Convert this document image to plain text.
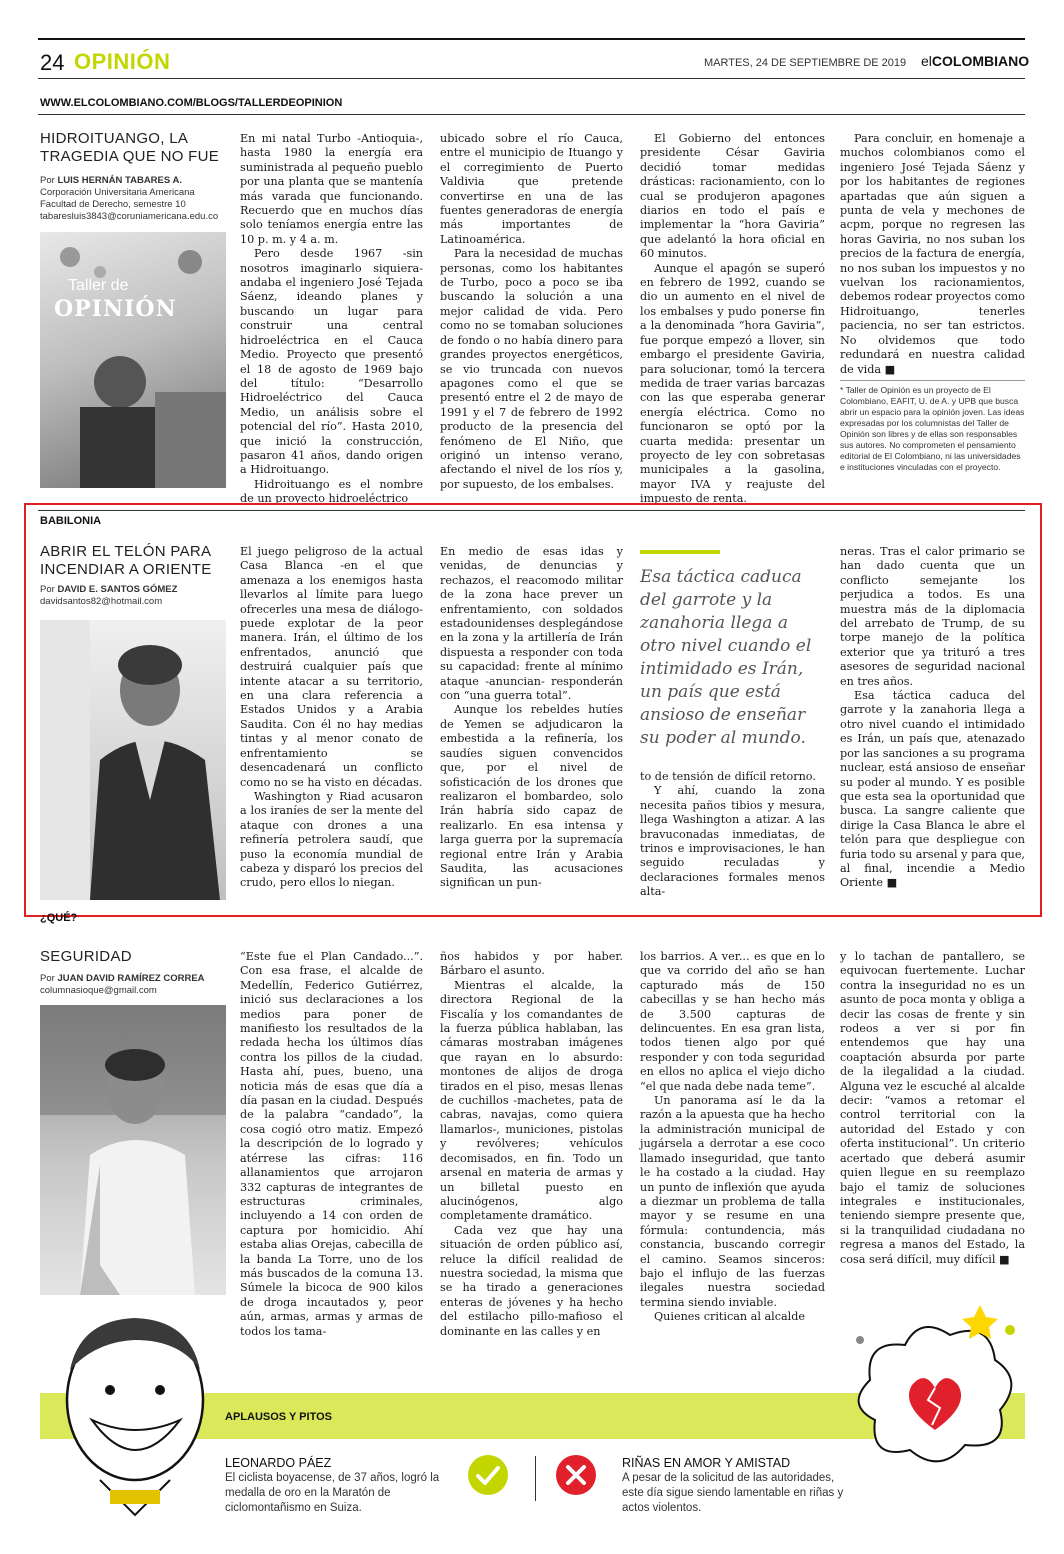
24 OPINIÓN	MARTES, 24 DE SEPTIEMBRE DE 2019 elCOLOMBIANO
WWW.ELCOLOMBIANO.COM/BLOGS/TALLERDEOPINION
HIDROITUANGO, LA TRAGEDIA QUE NO FUE
Por LUIS HERNÁN TABARES A.
Corporación Universitaria Americana
Facultad de Derecho, semestre 10
tabaresluis3843@coruniamericana.edu.co
Taller de
OPINIÓN

En mi natal Turbo -Antioquia-, hasta 1980 la energía era suministrada al pequeño pueblo por una planta que se mantenía más varada que funcionando. Recuerdo que en muchos días solo teníamos energía entre las 10 p. m. y 4 a. m.

Pero desde 1967 -sin nosotros imaginarlo siquiera- andaba el ingeniero José Tejada Sáenz, ideando planes y buscando un lugar para construir una central hidroeléctrica en el Cauca Medio. Proyecto que presentó el 18 de agosto de 1969 bajo del título: “Desarrollo Hidroeléctrico del Cauca Medio, un análisis sobre el potencial del río”. Hasta 2010, que inició la construcción, pasaron 41 años, dando origen a Hidroituango.

Hidroituango es el nombre de un proyecto hidroeléctrico

ubicado sobre el río Cauca, entre el municipio de Ituango y el corregimiento de Puerto Valdivia que pretende convertirse en una de las fuentes generadoras de energía más importantes de Latinoamérica.

Para la necesidad de muchas personas, como los habitantes de Turbo, poco a poco se iba buscando la solución a una mejor calidad de vida. Pero como no se tomaban soluciones de fondo o no había dinero para grandes proyectos energéticos, se vio truncada con nuevos apagones como el que se presentó entre el 2 de mayo de 1991 y el 7 de febrero de 1992 producto de la presencia del fenómeno de El Niño, que originó un intenso verano, afectando el nivel de los ríos y, por supuesto, de los embalses.

El Gobierno del entonces presidente César Gaviria decidió tomar medidas drásticas: racionamiento, con lo cual se produjeron apagones diarios en todo el país e implementar la “hora Gaviria” que adelantó la hora oficial en 60 minutos.

Aunque el apagón se superó en febrero de 1992, cuando se dio un aumento en el nivel de los embalses y pudo ponerse fin a la denominada “hora Gaviria”, fue porque empezó a llover, sin embargo el presidente Gaviria, para solucionar, tomó la tercera medida de traer varias barcazas con las que esperaba generar energía eléctrica. Como no funcionaron se optó por la cuarta medida: presentar un proyecto de ley con sobretasas municipales a la gasolina, mayor IVA y reajuste del impuesto de renta.

Para concluir, en homenaje a muchos colombianos como el ingeniero José Tejada Sáenz y por los habitantes de regiones apartadas que aún siguen a punta de vela y mechones de acpm, porque no regresen las horas Gaviria, no nos suban los precios de la factura de energía, no nos suban los impuestos y no vuelvan los racionamientos, debemos rodear proyectos como Hidroituango, tenerles paciencia, no ser tan estrictos. No olvidemos que todo redundará en nuestra calidad de vida ■

* Taller de Opinión es un proyecto de El Colombiano, EAFIT, U. de A. y UPB que busca abrir un espacio para la opinión joven. Las ideas expresadas por los columnistas del Taller de Opinión son libres y de ellas son responsables sus autores. No comprometen el pensamiento editorial de El Colombiano, ni las universidades e instituciones vinculadas con el proyecto.
BABILONIA
ABRIR EL TELÓN PARA INCENDIAR A ORIENTE
Por DAVID E. SANTOS GÓMEZ
davidsantos82@hotmail.com

El juego peligroso de la actual Casa Blanca -en el que amenaza a los enemigos hasta llevarlos al límite para luego ofrecerles una mesa de diálogo- puede explotar de la peor manera. Irán, el último de los enfrentados, anunció que destruirá cualquier país que intente atacar a su territorio, en una clara referencia a Estados Unidos y a Arabia Saudita. Con él no hay medias tintas y al menor conato de enfrentamiento se desencadenará un conflicto como no se ha visto en décadas.

Washington y Riad acusaron a los iraníes de ser la mente del ataque con drones a una refinería petrolera saudí, que puso la economía mundial de cabeza y disparó los precios del crudo, pero ellos lo niegan.

En medio de esas idas y venidas, de denuncias y rechazos, el reacomodo militar de la zona hace prever un enfrentamiento, con soldados estadounidenses desplegándose en la zona y la artillería de Irán dispuesta a responder con toda su capacidad: frente al mínimo ataque -anuncian- responderán con “una guerra total”.

Aunque los rebeldes hutíes de Yemen se adjudicaron la embestida a la refinería, los saudíes siguen convencidos que, por el nivel de sofisticación de los drones que realizaron el bombardeo, solo Irán habría sido capaz de realizarlo. En esa intensa y larga guerra por la supremacía regional entre Irán y Arabia Saudita, las acusaciones significan un pun-

Esa táctica caduca del garrote y la zanahoria llega a otro nivel cuando el intimidado es Irán, un país que está ansioso de enseñar su poder al mundo.

to de tensión de difícil retorno.

Y ahí, cuando la zona necesita paños tibios y mesura, llega Washington a atizar. A las bravuconadas inmediatas, de trinos e improvisaciones, le han seguido reculadas y declaraciones formales menos alta-

neras. Tras el calor primario se han dado cuenta que un conflicto semejante los perjudica a todos. Es una muestra más de la diplomacia del arrebato de Trump, de su torpe manejo de la política exterior que ya trituró a tres asesores de seguridad nacional en tres años.

Esa táctica caduca del garrote y la zanahoria llega a otro nivel cuando el intimidado es Irán, un país que, atenazado por las sanciones a su programa nuclear, está ansioso de enseñar su poder al mundo. Y es posible que esta sea la oportunidad que busca. La sangre caliente que dirige la Casa Blanca le abre el telón para que despliegue con furia todo su arsenal y para que, al final, incendie a Medio Oriente ■

¿QUÉ?
SEGURIDAD
Por JUAN DAVID RAMÍREZ CORREA
columnasioque@gmail.com

“Este fue el Plan Candado...”. Con esa frase, el alcalde de Medellín, Federico Gutiérrez, inició sus declaraciones a los medios para poner de manifiesto los resultados de la redada hecha los últimos días contra los pillos de la ciudad. Hasta ahí, pues, bueno, una noticia más de esas que día a día pasan en la ciudad. Después de la palabra “candado”, la cosa cogió otro matiz. Empezó la descripción de lo logrado y atérrese las cifras: 116 allanamientos que arrojaron 332 capturas de integrantes de estructuras criminales, incluyendo a 14 con orden de captura por homicidio. Ahí estaba alias Orejas, cabecilla de la banda La Torre, uno de los más buscados de la comuna 13. Súmele la bicoca de 900 kilos de droga incautados y, peor aún, armas, armas y armas de todos los tama-

ños habidos y por haber. Bárbaro el asunto.

Mientras el alcalde, la directora Regional de la Fiscalía y los comandantes de la fuerza pública hablaban, las cámaras mostraban imágenes que rayan en lo absurdo: montones de alijos de droga tirados en el piso, mesas llenas de cuchillos -machetes, pata de cabras, navajas, como quiera llamarlos-, municiones, pistolas y revólveres; vehículos decomisados, en fin. Todo un arsenal en materia de armas y un billetal puesto en alucinógenos, algo completamente dramático.

Cada vez que hay una situación de orden público así, reluce la difícil realidad de nuestra sociedad, la misma que se ha tirado a generaciones enteras de jóvenes y ha hecho del estilacho pillo-mafioso el dominante en las calles y en

los barrios. A ver... es que en lo que va corrido del año se han capturado más de 150 cabecillas y se han hecho más de 3.500 capturas de delincuentes. En esa gran lista, todos tienen algo por qué responder y con toda seguridad en ellos no aplica el viejo dicho “el que nada debe nada teme”.

Un panorama así le da la razón a la apuesta que ha hecho la administración municipal de jugársela a derrotar a ese coco llamado inseguridad, que tanto le ha costado a la ciudad. Hay un punto de inflexión que ayuda a diezmar un problema de talla mayor y se resume en una fórmula: contundencia, más constancia, buscando corregir el camino. Seamos sinceros: bajo el influjo de las fuerzas ilegales nuestra sociedad termina siendo inviable.

Quienes critican al alcalde

y lo tachan de pantallero, se equivocan fuertemente. Luchar contra la inseguridad no es un asunto de poca monta y obliga a decir las cosas de frente y sin rodeos a ver si por fin entendemos que hay una coaptación absurda por parte de la ilegalidad a la ciudad. Alguna vez le escuché al alcalde decir: “vamos a retomar el control territorial con la autoridad del Estado y con oferta institucional”. Un criterio acertado que deberá asumir quien llegue en su reemplazo bajo el tamiz de soluciones integrales e institucionales, teniendo siempre presente que, si la tranquilidad ciudadana no regresa a manos del Estado, la cosa será difícil, muy difícil ■

APLAUSOS Y PITOS
LEONARDO PÁEZ
El ciclista boyacense, de 37 años, logró la medalla de oro en la Maratón de ciclomontañismo en Suiza.
RIÑAS EN AMOR Y AMISTAD
A pesar de la solicitud de las autoridades, este día sigue siendo lamentable en riñas y actos violentos.
